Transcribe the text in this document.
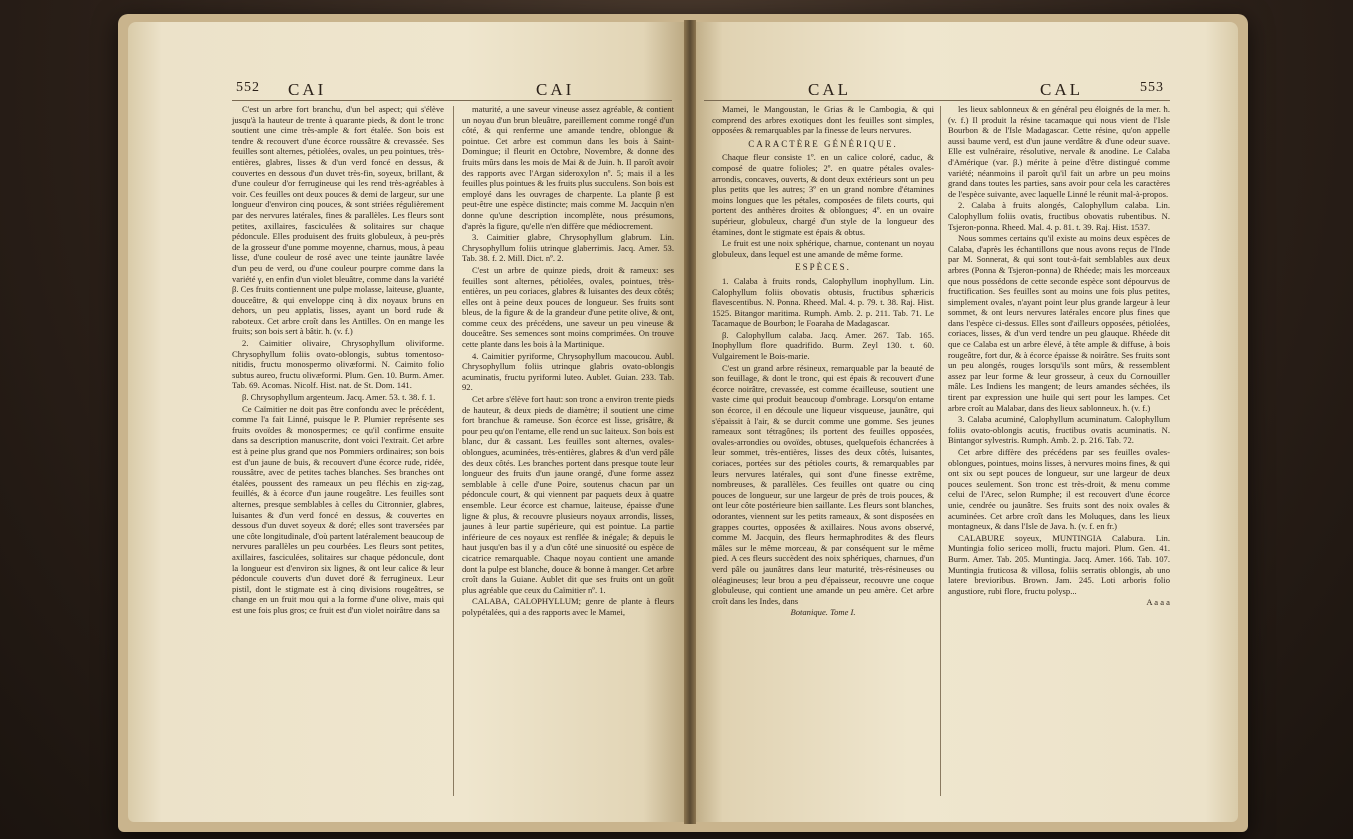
552 CAI	CAI

C'est un arbre fort branchu, d'un bel aspect; qui s'élève jusqu'à la hauteur de trente à quarante pieds, & dont le tronc soutient une cime très-ample & fort étalée. Son bois est tendre & recouvert d'une écorce roussâtre & crevassée. Ses feuilles sont alternes, pétiolées, ovales, un peu pointues, très-entières, glabres, lisses & d'un verd foncé en dessus, & couvertes en dessous d'un duvet très-fin, soyeux, brillant, & d'une couleur d'or ferrugineuse qui les rend très-agréables à voir. Ces feuilles ont deux pouces & demi de largeur, sur une longueur d'environ cinq pouces, & sont striées régulièrement par des nervures latérales, fines & parallèles. Les fleurs sont petites, axillaires, fasciculées & solitaires sur chaque pédoncule. Elles produisent des fruits globuleux, à peu-près de la grosseur d'une pomme moyenne, charnus, mous, à peau lisse, d'une couleur de rosé avec une teinte jaunâtre lavée d'un peu de verd, ou d'une couleur pourpre comme dans la variété γ, en enfin d'un violet bleuâtre, comme dans la variété β. Ces fruits contiennent une pulpe molasse, laiteuse, gluante, douceâtre, & qui enveloppe cinq à dix noyaux bruns en dehors, un peu applatis, lisses, ayant un bord rude & raboteux. Cet arbre croît dans les Antilles. On en mange les fruits; son bois sert à bâtir. ħ. (v. f.)

2. Caimitier olivaire, Chrysophyllum oliviforme. Chrysophyllum foliis ovato-oblongis, subtus tomentoso-nitidis, fructu monospermo olivæformi. N. Caimito folio subtus aureo, fructu olivæformi. Plum. Gen. 10. Burm. Amer. Tab. 69. Acomas. Nicolf. Hist. nat. de St. Dom. 141.

β. Chrysophyllum argenteum. Jacq. Amer. 53. t. 38. f. 1.

Ce Caïmitier ne doit pas être confondu avec le précédent, comme l'a fait Linné, puisque le P. Plumier représente ses fruits ovoïdes & monospermes; ce qu'il confirme ensuite dans sa description manuscrite, dont voici l'extrait. Cet arbre est à peine plus grand que nos Pommiers ordinaires; son bois est d'un jaune de buis, & recouvert d'une écorce rude, ridée, roussâtre, avec de petites taches blanches. Ses branches ont étalées, poussent des rameaux un peu fléchis en zig-zag, feuillés, & à écorce d'un jaune rougeâtre. Les feuilles sont alternes, presque semblables à celles du Citronnier, glabres, luisantes & d'un verd foncé en dessus, & couvertes en dessous d'un duvet soyeux & doré; elles sont traversées par une côte longitudinale, d'où partent latéralement beaucoup de nervures parallèles un peu courbées. Les fleurs sont petites, axillaires, fasciculées, solitaires sur chaque pédoncule, dont la longueur est d'environ six lignes, & ont leur calice & leur pédoncule couverts d'un duvet doré & ferrugineux. Leur pistil, dont le stigmate est à cinq divisions rougeâtres, se change en un fruit mou qui a la forme d'une olive, mais qui est une fois plus gros; ce fruit est d'un violet noirâtre dans sa

maturité, a une saveur vineuse assez agréable, & contient un noyau d'un brun bleuâtre, pareillement comme rongé d'un côté, & qui renferme une amande tendre, oblongue & pointue. Cet arbre est commun dans les bois à Saint-Domingue; il fleurit en Octobre, Novembre, & donne des fruits mûrs dans les mois de Mai & de Juin. ħ. Il paroît avoir des rapports avec l'Argan sideroxylon nº. 5; mais il a les feuilles plus pointues & les fruits plus succulens. Son bois est employé dans les ouvrages de charpente. La plante β est peut-être une espèce distincte; mais comme M. Jacquin n'en donne qu'une description incomplète, nous présumons, d'après la figure, qu'elle n'en diffère que médiocrement.

3. Caimitier glabre, Chrysophyllum glabrum. Lin. Chrysophyllum foliis utrinque glaberrimis. Jacq. Amer. 53. Tab. 38. f. 2. Mill. Dict. nº. 2.

C'est un arbre de quinze pieds, droit & rameux: ses feuilles sont alternes, pétiolées, ovales, pointues, très-entières, un peu coriaces, glabres & luisantes des deux côtés; elles ont à peine deux pouces de longueur. Ses fruits sont bleus, de la figure & de la grandeur d'une petite olive, & ont, comme ceux des précédens, une saveur un peu vineuse & douceâtre. Ses semences sont moins comprimées. On trouve cette plante dans les bois à la Martinique.

4. Caimitier pyriforme, Chrysophyllum macoucou. Aubl. Chrysophyllum foliis utrinque glabris ovato-oblongis acuminatis, fructu pyriformi luteo. Aublet. Guian. 233. Tab. 92.

Cet arbre s'élève fort haut: son tronc a environ trente pieds de hauteur, & deux pieds de diamètre; il soutient une cime fort branchue & rameuse. Son écorce est lisse, grisâtre, & pour peu qu'on l'entame, elle rend un suc laiteux. Son bois est blanc, dur & cassant. Les feuilles sont alternes, ovales-oblongues, acuminées, très-entières, glabres & d'un verd pâle des deux côtés. Les branches portent dans presque toute leur longueur des fruits d'un jaune orangé, d'une forme assez semblable à celle d'une Poire, soutenus chacun par un pédoncule court, & qui viennent par paquets deux à quatre ensemble. Leur écorce est charnue, laiteuse, épaisse d'une ligne & plus, & recouvre plusieurs noyaux arrondis, lisses, jaunes à leur partie supérieure, qui est pointue. La partie inférieure de ces noyaux est renflée & inégale; & depuis le haut jusqu'en bas il y a d'un côté une sinuosité ou espèce de cicatrice remarquable. Chaque noyau contient une amande dont la pulpe est blanche, douce & bonne à manger. Cet arbre croît dans la Guiane. Aublet dit que ses fruits ont un goût plus agréable que ceux du Caïmitier nº. 1.

CALABA, CALOPHYLLUM; genre de plante à fleurs polypétalées, qui a des rapports avec le Mamei,

CAL	CAL	553

Mamei, le Mangoustan, le Grias & le Cambogia, & qui comprend des arbres exotiques dont les feuilles sont simples, opposées & remarquables par la finesse de leurs nervures.

CARACTÈRE GÉNÉRIQUE.

Chaque fleur consiste 1º. en un calice coloré, caduc, & composé de quatre folioles; 2º. en quatre pétales ovales-arrondis, concaves, ouverts, & dont deux extérieurs sont un peu plus petits que les autres; 3º en un grand nombre d'étamines moins longues que les pétales, composées de filets courts, qui portent des anthères droites & oblongues; 4º. en un ovaire supérieur, globuleux, chargé d'un style de la longueur des étamines, dont le stigmate est épais & obtus.

Le fruit est une noix sphérique, charnue, contenant un noyau globuleux, dans lequel est une amande de même forme.

ESPÈCES.

1. Calaba à fruits ronds, Calophyllum inophyllum. Lin. Calophyllum foliis obovatis obtusis, fructibus sphæricis flavescentibus. N. Ponna. Rheed. Mal. 4. p. 79. t. 38. Raj. Hist. 1525. Bitangor maritima. Rumph. Amb. 2. p. 211. Tab. 71. Le Tacamaque de Bourbon; le Foaraha de Madagascar.

β. Calophyllum calaba. Jacq. Amer. 267. Tab. 165. Inophyllum flore quadrifido. Burm. Zeyl 130. t. 60. Vulgairement le Bois-marie.

C'est un grand arbre résineux, remarquable par la beauté de son feuillage, & dont le tronc, qui est épais & recouvert d'une écorce noirâtre, crevassée, est comme écailleuse, soutient une vaste cime qui produit beaucoup d'ombrage. Lorsqu'on entame son écorce, il en découle une liqueur visqueuse, jaunâtre, qui s'épaissit à l'air, & se durcit comme une gomme. Ses jeunes rameaux sont tétragônes; ils portent des feuilles opposées, ovales-arrondies ou ovoïdes, obtuses, quelquefois échancrées à leur sommet, très-entières, lisses des deux côtés, luisantes, coriaces, portées sur des pétioles courts, & remarquables par leurs nervures latérales, qui sont d'une finesse extrême, nombreuses, & parallèles. Ces feuilles ont quatre ou cinq pouces de longueur, sur une largeur de près de trois pouces, & ont leur côte postérieure bien saillante. Les fleurs sont blanches, odorantes, viennent sur les petits rameaux, & sont disposées en grappes courtes, opposées & axillaires. Nous avons observé, comme M. Jacquin, des fleurs hermaphrodites & des fleurs mâles sur le même morceau, & par conséquent sur le même pied. A ces fleurs succèdent des noix sphériques, charnues, d'un verd pâle ou jaunâtres dans leur maturité, très-résineuses ou oléagineuses; leur brou a peu d'épaisseur, recouvre une coque globuleuse, qui contient une amande un peu amère. Cet arbre croît dans les Indes, dans

Botanique. Tome I.

les lieux sablonneux & en général peu éloignés de la mer. ħ. (v. f.) Il produit la résine tacamaque qui nous vient de l'Isle Bourbon & de l'Isle Madagascar. Cette résine, qu'on appelle aussi baume verd, est d'un jaune verdâtre & d'une odeur suave. Elle est vulnéraire, résolutive, nervale & anodine. Le Calaba d'Amérique (var. β.) mérite à peine d'être distingué comme variété; néanmoins il paroît qu'il fait un arbre un peu moins grand dans toutes les parties, sans avoir pour cela les caractères de l'espèce suivante, avec laquelle Linné le réunit mal-à-propos.

2. Calaba à fruits alongés, Calophyllum calaba. Lin. Calophyllum foliis ovatis, fructibus obovatis rubentibus. N. Tsjeron-ponna. Rheed. Mal. 4. p. 81. t. 39. Raj. Hist. 1537.

Nous sommes certains qu'il existe au moins deux espèces de Calaba, d'après les échantillons que nous avons reçus de l'Inde par M. Sonnerat, & qui sont tout-à-fait semblables aux deux arbres (Ponna & Tsjeron-ponna) de Rhéede; mais les morceaux que nous possédons de cette seconde espèce sont dépourvus de fructification. Ses feuilles sont au moins une fois plus petites, simplement ovales, n'ayant point leur plus grande largeur à leur sommet, & ont leurs nervures latérales encore plus fines que dans l'espèce ci-dessus. Elles sont d'ailleurs opposées, pétiolées, coriaces, lisses, & d'un verd tendre un peu glauque. Rhéede dit que ce Calaba est un arbre élevé, à tête ample & diffuse, à bois rougeâtre, fort dur, & à écorce épaisse & noirâtre. Ses fruits sont un peu alongés, rouges lorsqu'ils sont mûrs, & ressemblent assez par leur forme & leur grosseur, à ceux du Cornouiller mâle. Les Indiens les mangent; de leurs amandes séchées, ils tirent par expression une huile qui sert pour les lampes. Cet arbre croît au Malabar, dans des lieux sablonneux. ħ. (v. f.)

3. Calaba acuminé, Calophyllum acuminatum. Calophyllum foliis ovato-oblongis acutis, fructibus ovatis acuminatis. N. Bintangor sylvestris. Rumph. Amb. 2. p. 216. Tab. 72.

Cet arbre diffère des précédens par ses feuilles ovales-oblongues, pointues, moins lisses, à nervures moins fines, & qui ont six ou sept pouces de longueur, sur une largeur de deux pouces seulement. Son tronc est très-droit, & menu comme celui de l'Arec, selon Rumphe; il est recouvert d'une écorce unie, cendrée ou jaunâtre. Ses fruits sont des noix ovales & acuminées. Cet arbre croît dans les Moluques, dans les lieux montagneux, & dans l'Isle de Java. ħ. (v. f. en fr.)

CALABURE soyeux, MUNTINGIA Calabura. Lin. Muntingia folio sericeo molli, fructu majori. Plum. Gen. 41. Burm. Amer. Tab. 205. Muntingia. Jacq. Amer. 166. Tab. 107. Muntingia fruticosa & villosa, foliis serratis oblongis, ab uno latere brevioribus. Brown. Jam. 245. Loti arboris folio angustiore, rubi flore, fructu polysp...

A a a a
